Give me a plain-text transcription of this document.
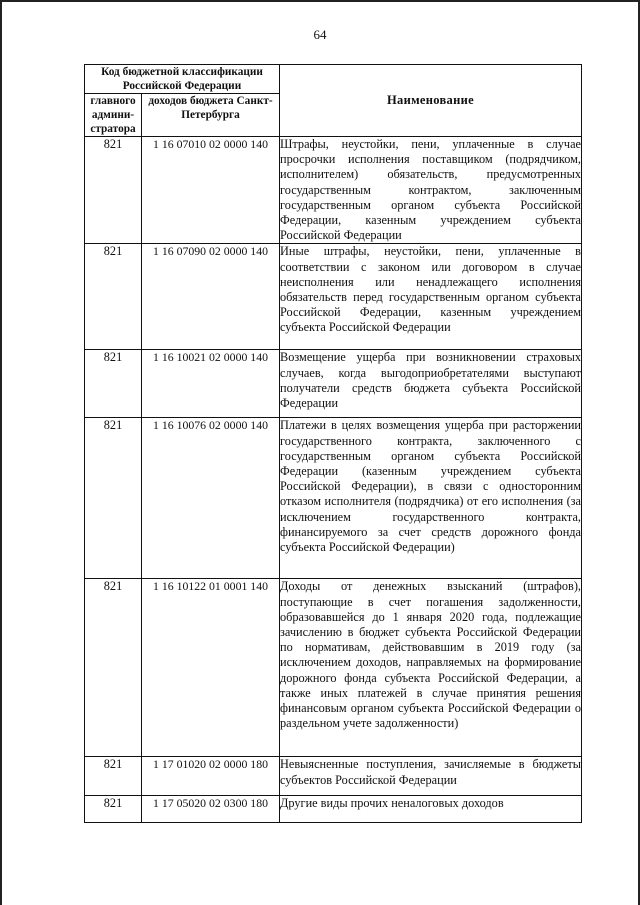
64
Код бюджетной классификации Российской Федерации		Наименование
главного админи-стратора	доходов бюджета Санкт-Петербурга	
821	1 16 07010 02 0000 140	Штрафы, неустойки, пени, уплаченные в случае просрочки исполнения поставщиком (подрядчиком, исполнителем) обязательств, предусмотренных государственным контрактом, заключенным государственным органом субъекта Российской Федерации, казенным учреждением субъекта Российской Федерации
821	1 16 07090 02 0000 140	Иные штрафы, неустойки, пени, уплаченные в соответствии с законом или договором в случае неисполнения или ненадлежащего исполнения обязательств перед государственным органом субъекта Российской Федерации, казенным учреждением субъекта Российской Федерации
821	1 16 10021 02 0000 140	Возмещение ущерба при возникновении страховых случаев, когда выгодоприобретателями выступают получатели средств бюджета субъекта Российской Федерации
821	1 16 10076 02 0000 140	Платежи в целях возмещения ущерба при расторжении государственного контракта, заключенного с государственным органом субъекта Российской Федерации (казенным учреждением субъекта Российской Федерации), в связи с односторонним отказом исполнителя (подрядчика) от его исполнения (за исключением государственного контракта, финансируемого за счет средств дорожного фонда субъекта Российской Федерации)
821	1 16 10122 01 0001 140	Доходы от денежных взысканий (штрафов), поступающие в счет погашения задолженности, образовавшейся до 1 января 2020 года, подлежащие зачислению в бюджет субъекта Российской Федерации по нормативам, действовавшим в 2019 году (за исключением доходов, направляемых на формирование дорожного фонда субъекта Российской Федерации, а также иных платежей в случае принятия решения финансовым органом субъекта Российской Федерации о раздельном учете задолженности)
821	1 17 01020 02 0000 180	Невыясненные поступления, зачисляемые в бюджеты субъектов Российской Федерации
821	1 17 05020 02 0300 180	Другие виды прочих неналоговых доходов
